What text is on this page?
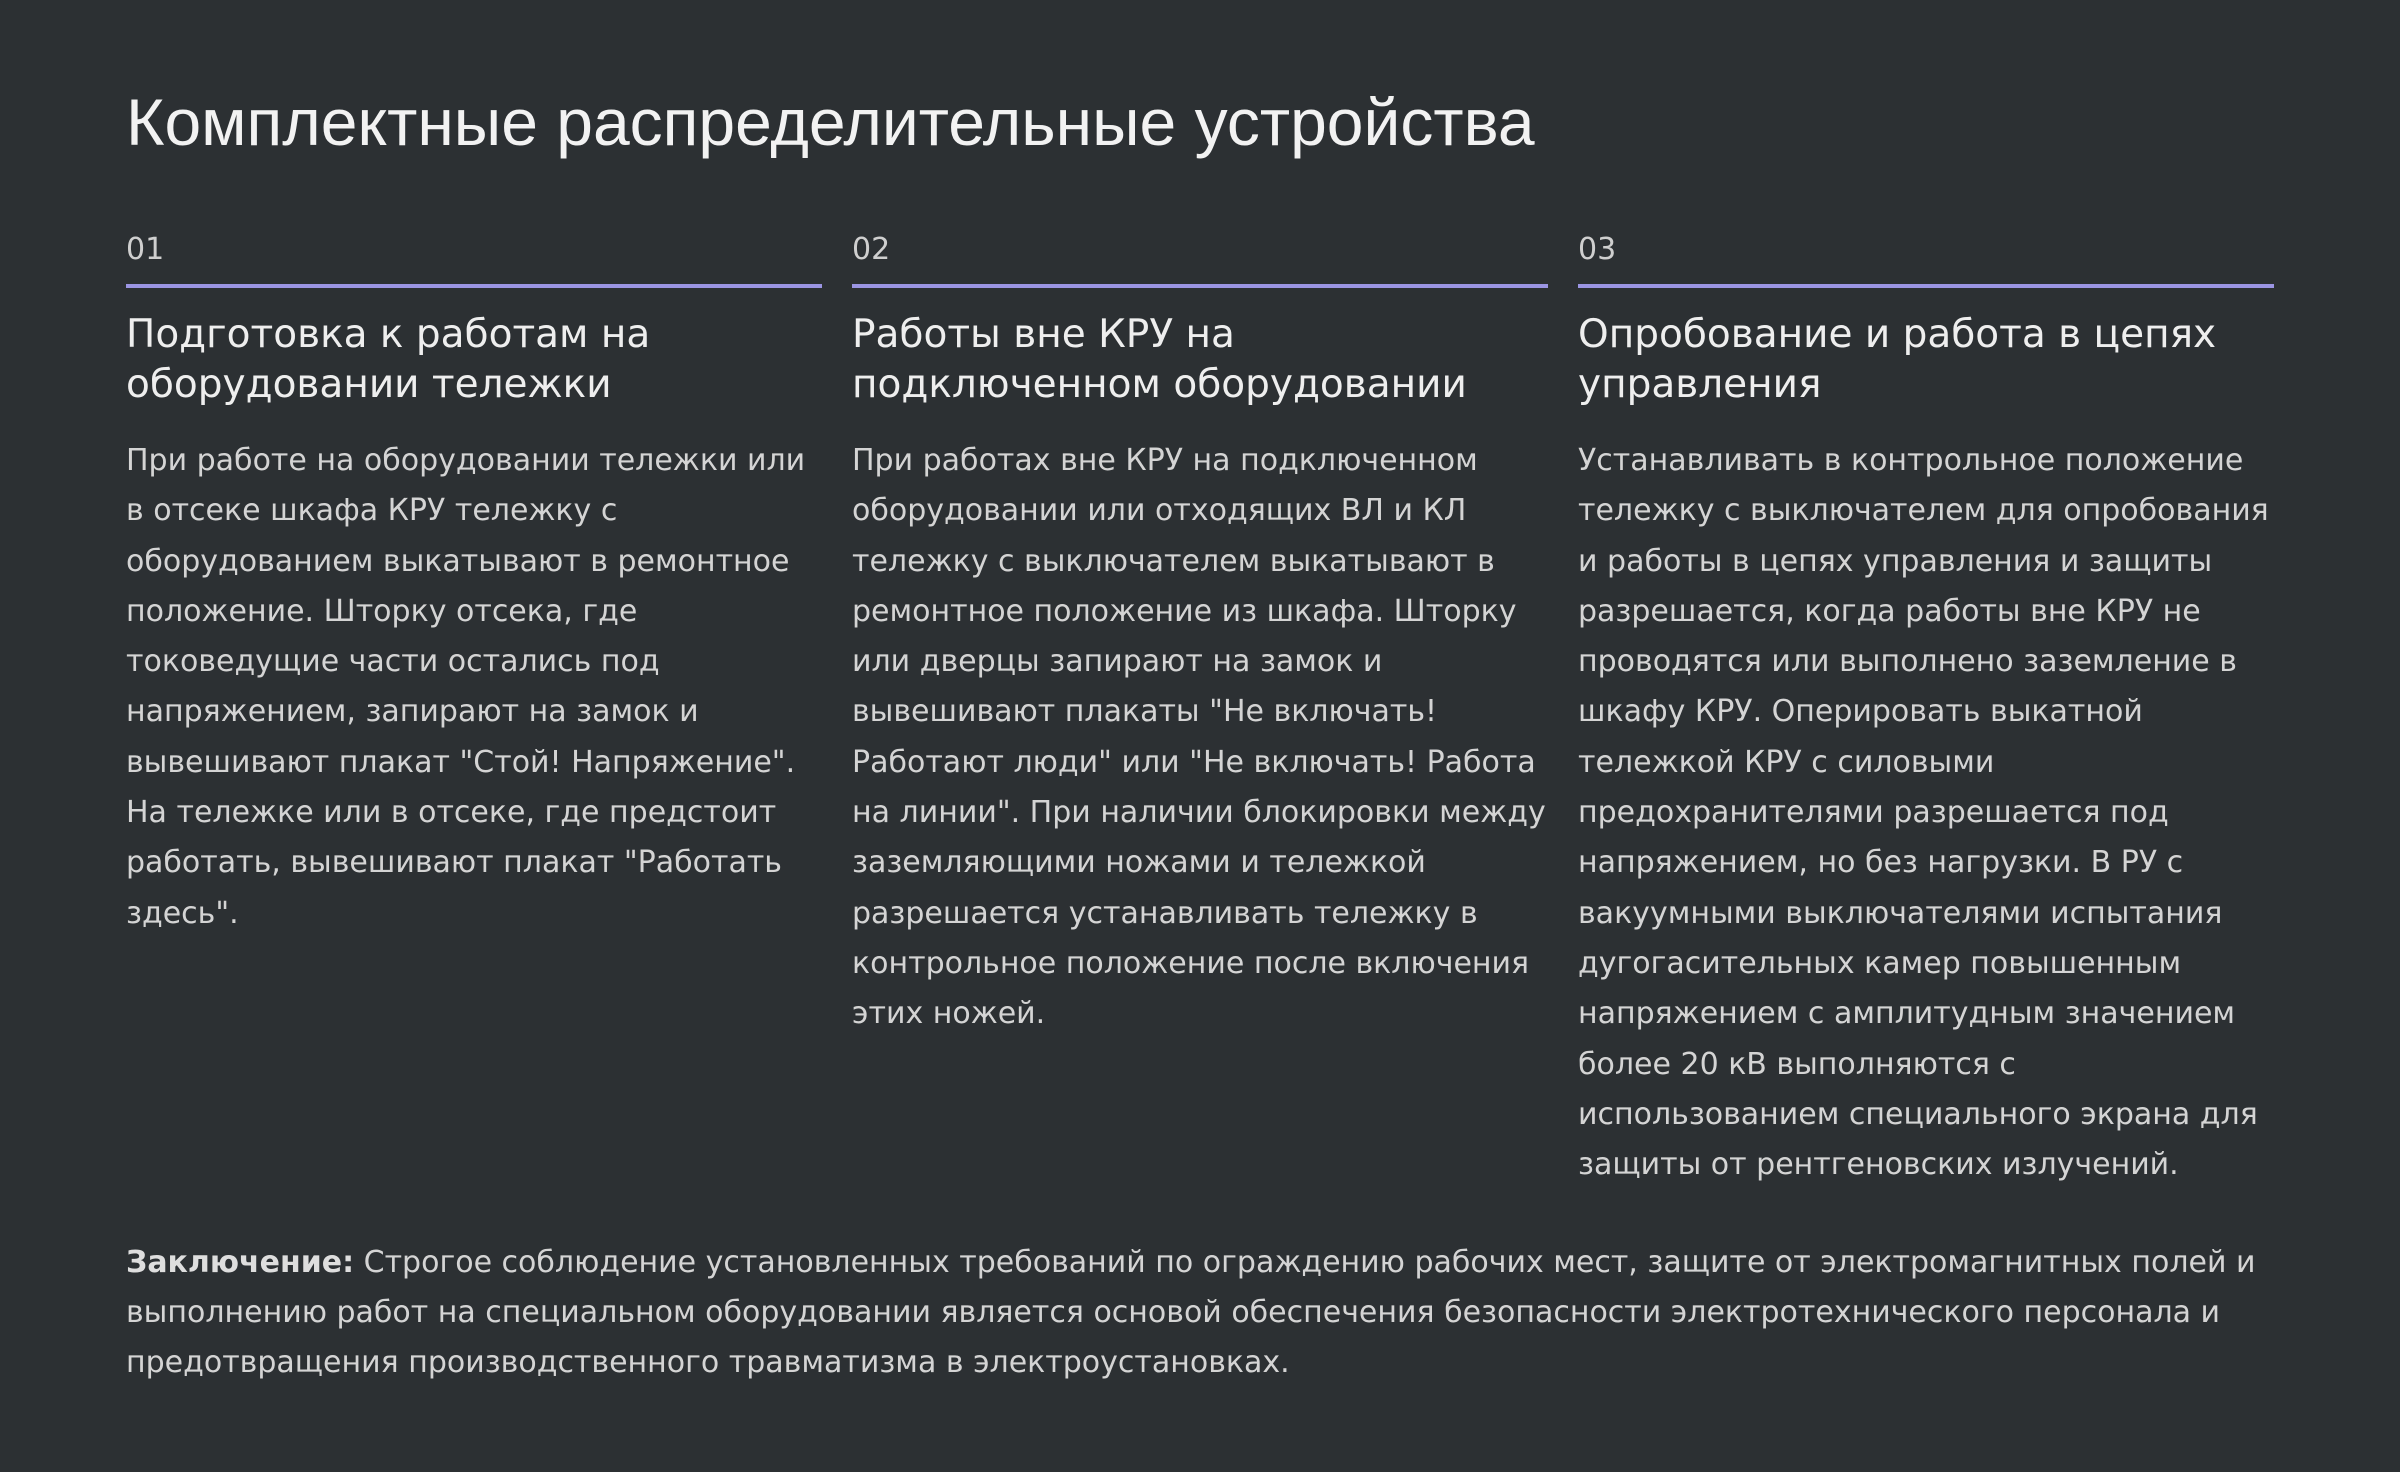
Комплектные распределительные устройства
01
Подготовка к работам на оборудовании тележки
При работе на оборудовании тележки или в отсеке шкафа КРУ тележку с оборудованием выкатывают в ремонтное положение. Шторку отсека, где токоведущие части остались под напряжением, запирают на замок и вывешивают плакат "Стой! Напряжение". На тележке или в отсеке, где предстоит работать, вывешивают плакат "Работать здесь".
02
Работы вне КРУ на подключенном оборудовании
При работах вне КРУ на подключенном оборудовании или отходящих ВЛ и КЛ тележку с выключателем выкатывают в ремонтное положение из шкафа. Шторку или дверцы запирают на замок и вывешивают плакаты "Не включать! Работают люди" или "Не включать! Работа на линии". При наличии блокировки между заземляющими ножами и тележкой разрешается устанавливать тележку в контрольное положение после включения этих ножей.
03
Опробование и работа в цепях управления
Устанавливать в контрольное положение тележку с выключателем для опробования и работы в цепях управления и защиты разрешается, когда работы вне КРУ не проводятся или выполнено заземление в шкафу КРУ. Оперировать выкатной тележкой КРУ с силовыми предохранителями разрешается под напряжением, но без нагрузки. В РУ с вакуумными выключателями испытания дугогасительных камер повышенным напряжением с амплитудным значением более 20 кВ выполняются с использованием специального экрана для защиты от рентгеновских излучений.
Заключение: Строгое соблюдение установленных требований по ограждению рабочих мест, защите от электромагнитных полей и выполнению работ на специальном оборудовании является основой обеспечения безопасности электротехнического персонала и предотвращения производственного травматизма в электроустановках.
